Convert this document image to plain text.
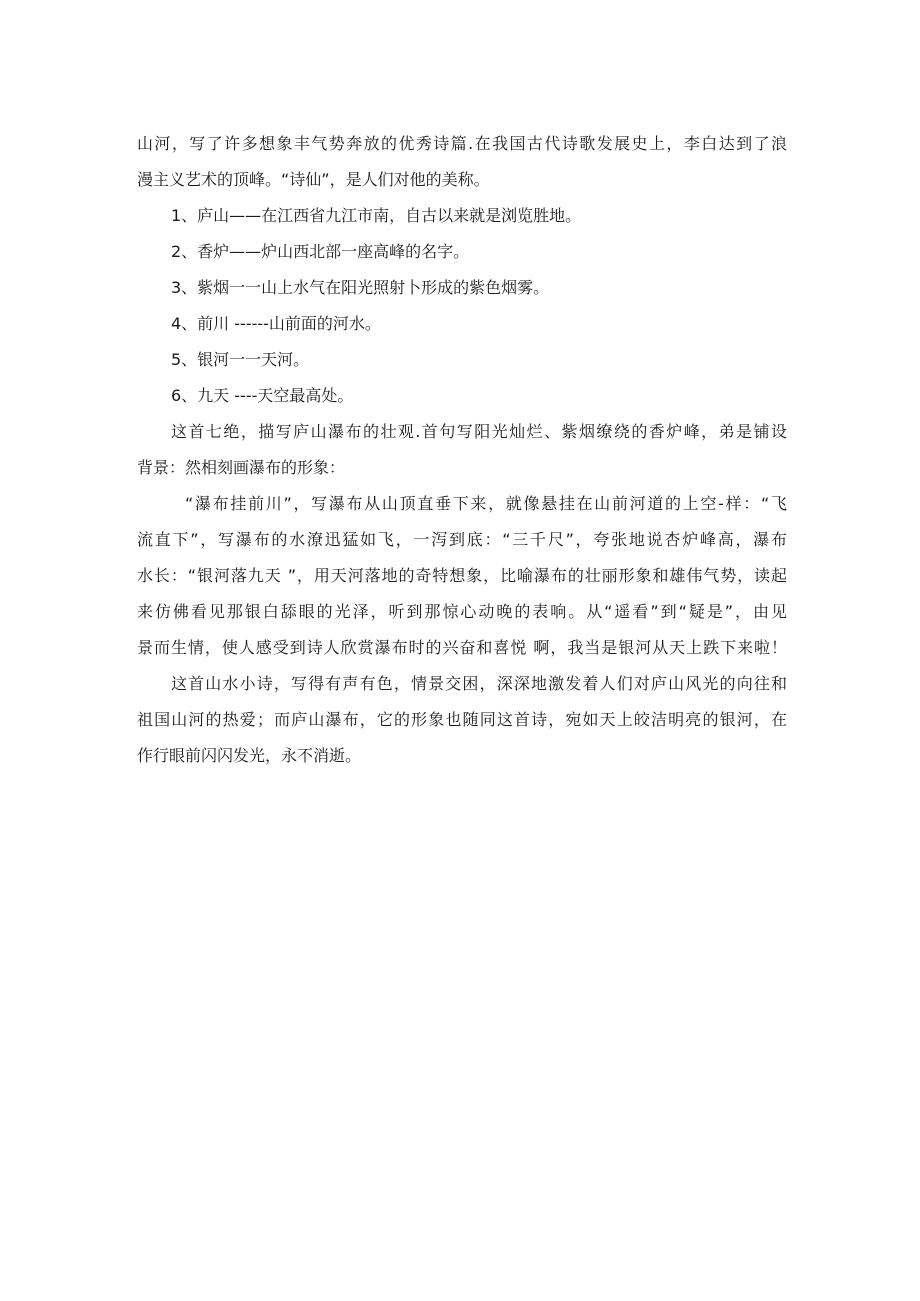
山河，写了许多想象丰气势奔放的优秀诗篇.在我国古代诗歌发展史上，李白达到了浪
漫主义艺术的顶峰。“诗仙”，是人们对他的美称。
1、庐山——在江西省九江市南，自古以来就是浏览胜地。
2、香炉——炉山西北部一座高峰的名字。
3、紫烟一一山上水气在阳光照射卜形成的紫色烟雾。
4、前川 ------山前面的河水。
5、银河一一天河。
6、九天 ----天空最高处。
这首七绝，描写庐山瀑布的壮观.首句写阳光灿烂、紫烟缭绕的香炉峰，弟是铺设
背景：然相刻画瀑布的形象：
“瀑布挂前川”，写瀑布从山顶直垂下来，就像悬挂在山前河道的上空-样：“飞
流直下”，写瀑布的水潦迅猛如飞，一泻到底：“三千尺”，夸张地说杏炉峰高，瀑布
水长：“银河落九天 ”，用天河落地的奇特想象，比喻瀑布的壮丽形象和雄伟气势，读起
来仿佛看见那银白舔眼的光泽，听到那惊心动晚的表响。从“遥看”到“疑是”，由见
景而生情，使人感受到诗人欣赏瀑布时的兴奋和喜悦 啊，我当是银河从天上跌下来啦！
这首山水小诗，写得有声有色，情景交困，深深地激发着人们对庐山风光的向往和
祖国山河的热爱；而庐山瀑布，它的形象也随同这首诗，宛如天上皎洁明亮的银河，在
作行眼前闪闪发光，永不消逝。
